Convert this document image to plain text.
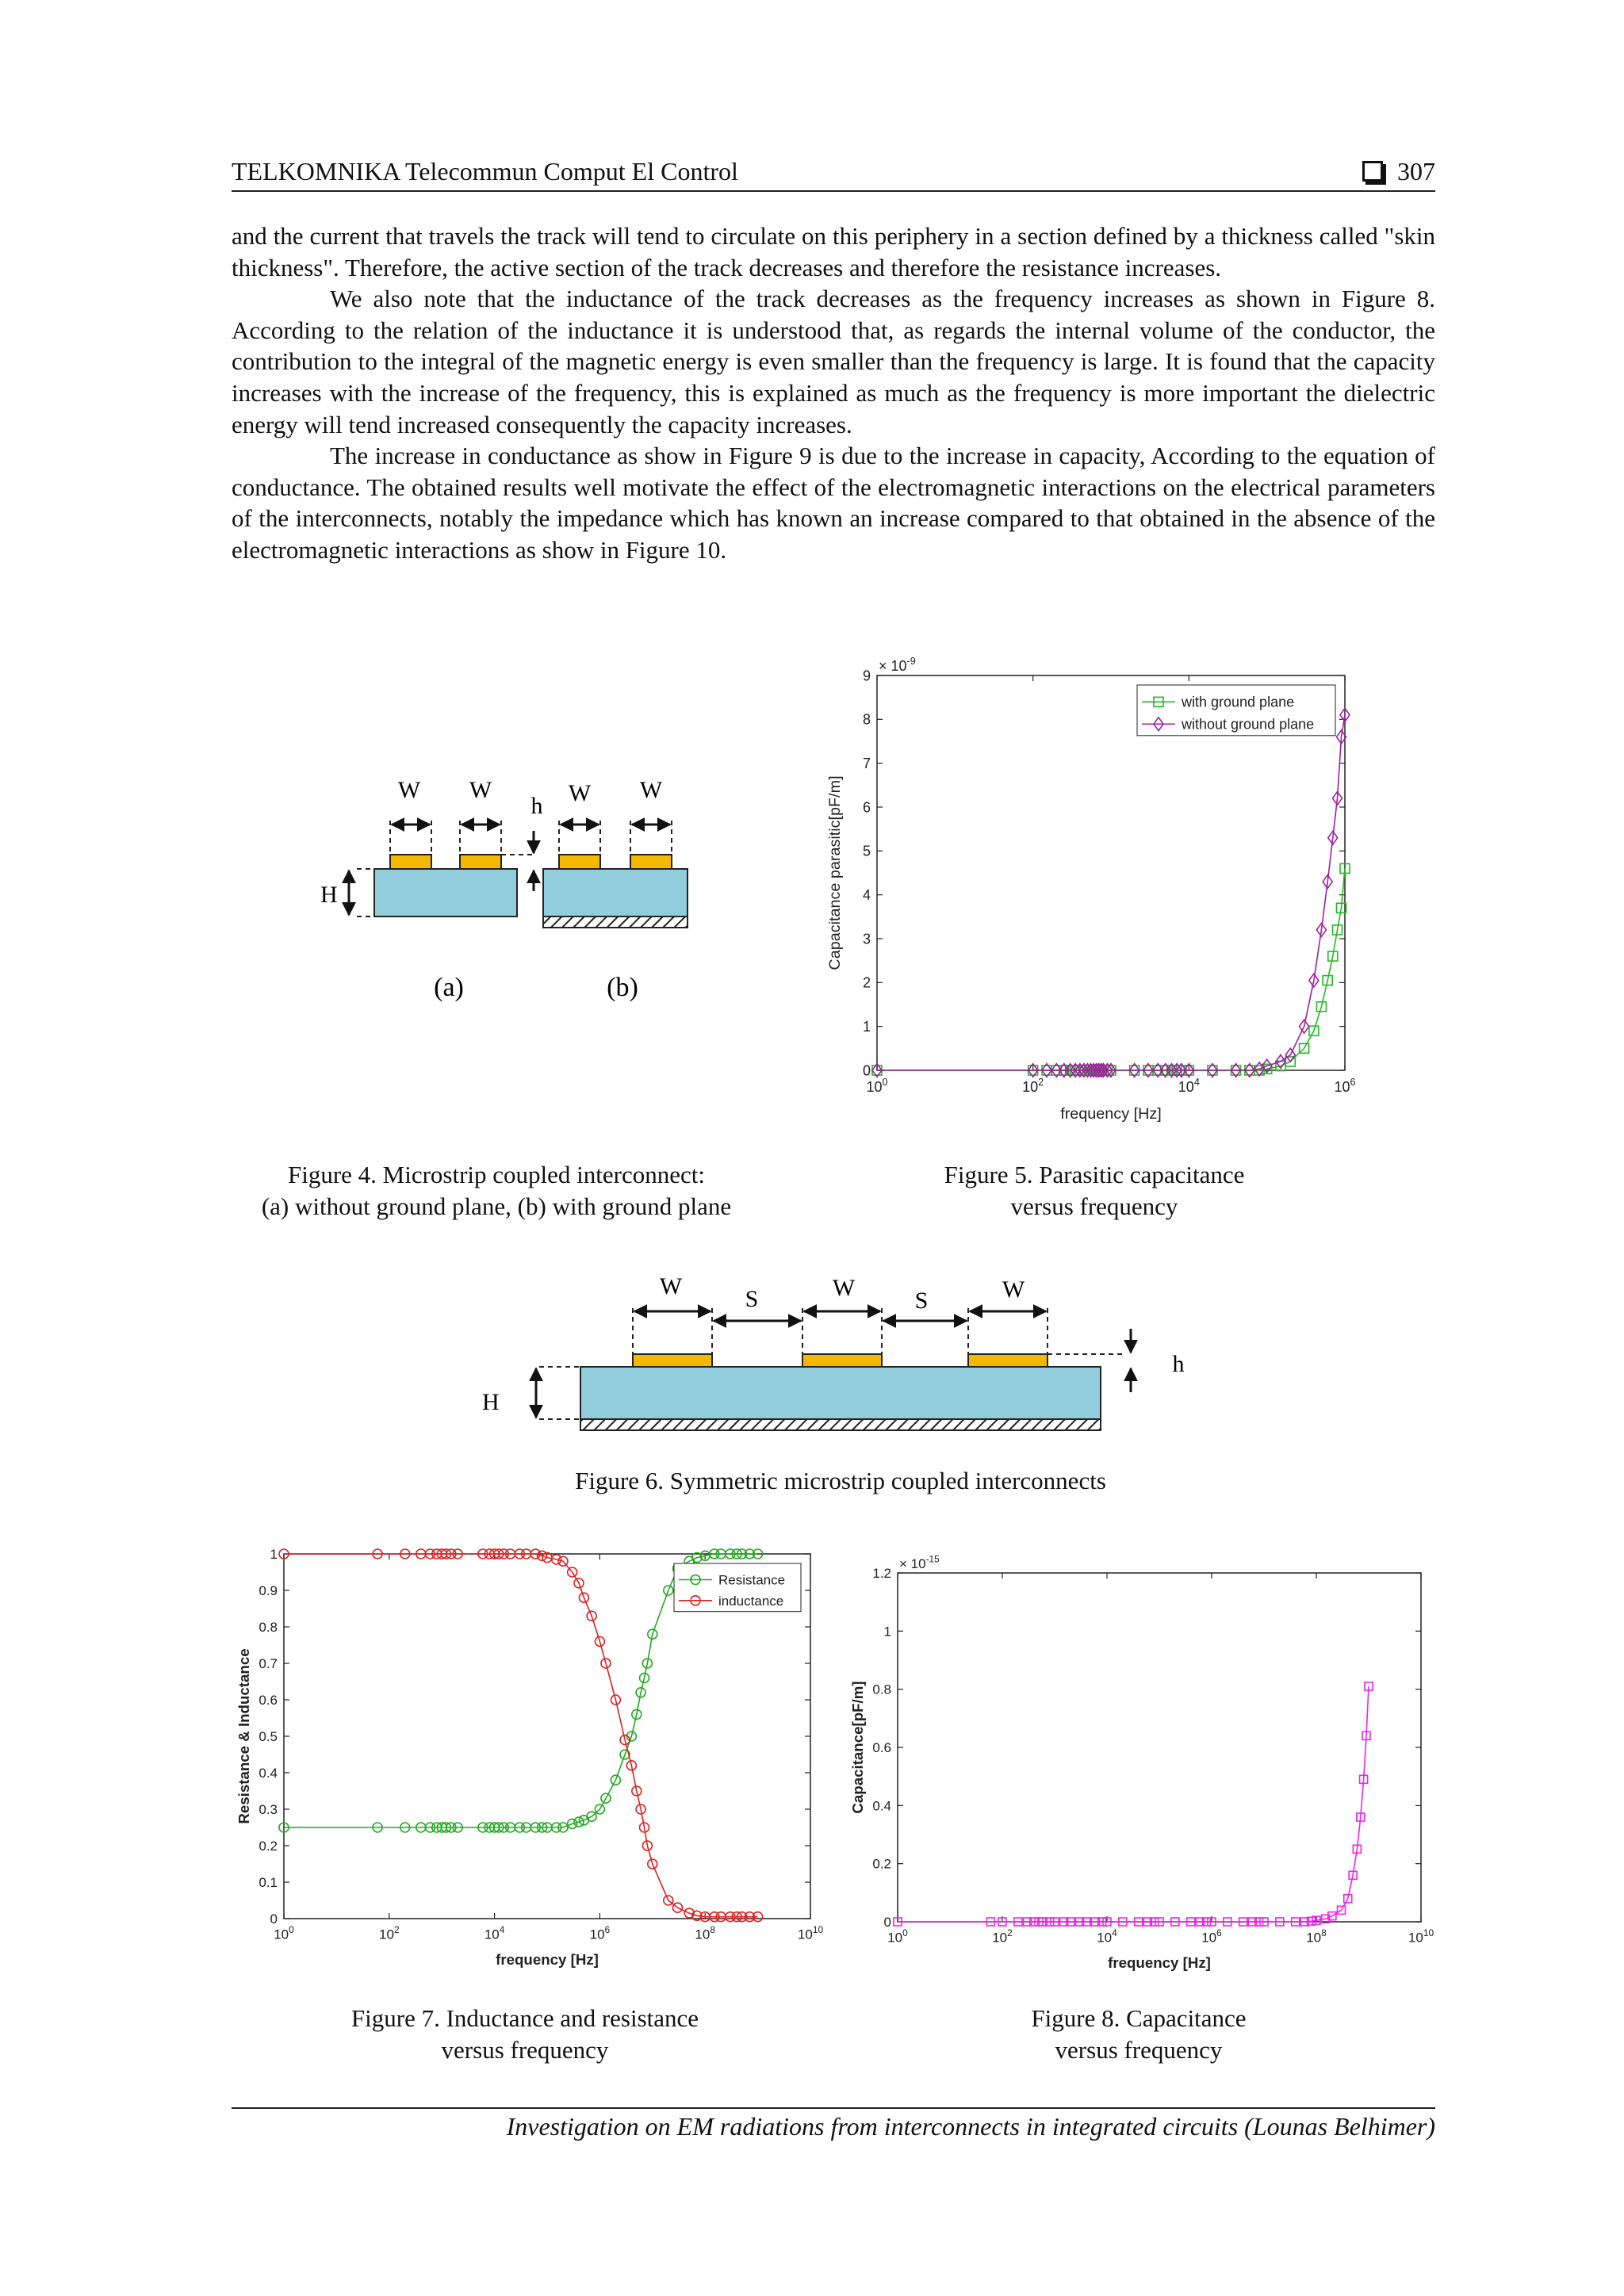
TELKOMNIKA Telecommun Comput El Control	307

and the current that travels the track will tend to circulate on this periphery in a section defined by a thickness called "skin thickness". Therefore, the active section of the track decreases and therefore the resistance increases.

We also note that the inductance of the track decreases as the frequency increases as shown in Figure 8. According to the relation of the inductance it is understood that, as regards the internal volume of the conductor, the contribution to the integral of the magnetic energy is even smaller than the frequency is large. It is found that the capacity increases with the increase of the frequency, this is explained as much as the frequency is more important the dielectric energy will tend increased consequently the capacity increases.

The increase in conductance as show in Figure 9 is due to the increase in capacity, According to the equation of conductance. The obtained results well motivate the effect of the electromagnetic interactions on the electrical parameters of the interconnects, notably the impedance which has known an increase compared to that obtained in the absence of the electromagnetic interactions as show in Figure 10.

W W	W W
h
H
(a)	(b)
Figure 4. Microstrip coupled interconnect:
(a) without ground plane, (b) with ground plane
0
1
2
3
4
5
6
7
8
9
$10^0$	$10^2$	$10^4$	$10^6$
× $10^{-9}$
frequency [Hz]
Capacitance parasitic[pF/m]
with ground plane
without ground plane
Figure 5. Parasitic capacitance
versus frequency
W	S	W	S	W
h
H
Figure 6. Symmetric microstrip coupled interconnects
0
0.1
0.2
0.3
0.4
0.5
0.6
0.7
0.8
0.9
1
$10^0$	$10^2$	$10^4$	$10^6$	$10^8$	$10^{10}$
frequency [Hz]
Resistance & Inductance
Resistance
inductance
Figure 7. Inductance and resistance
versus frequency
0
0.2
0.4
0.6
0.8
1
1.2
$10^0$	$10^2$	$10^4$	$10^6$	$10^8$	$10^{10}$
× $10^{-15}$
frequency [Hz]
Capacitance[pF/m]
Figure 8. Capacitance
versus frequency
Investigation on EM radiations from interconnects in integrated circuits (Lounas Belhimer)
